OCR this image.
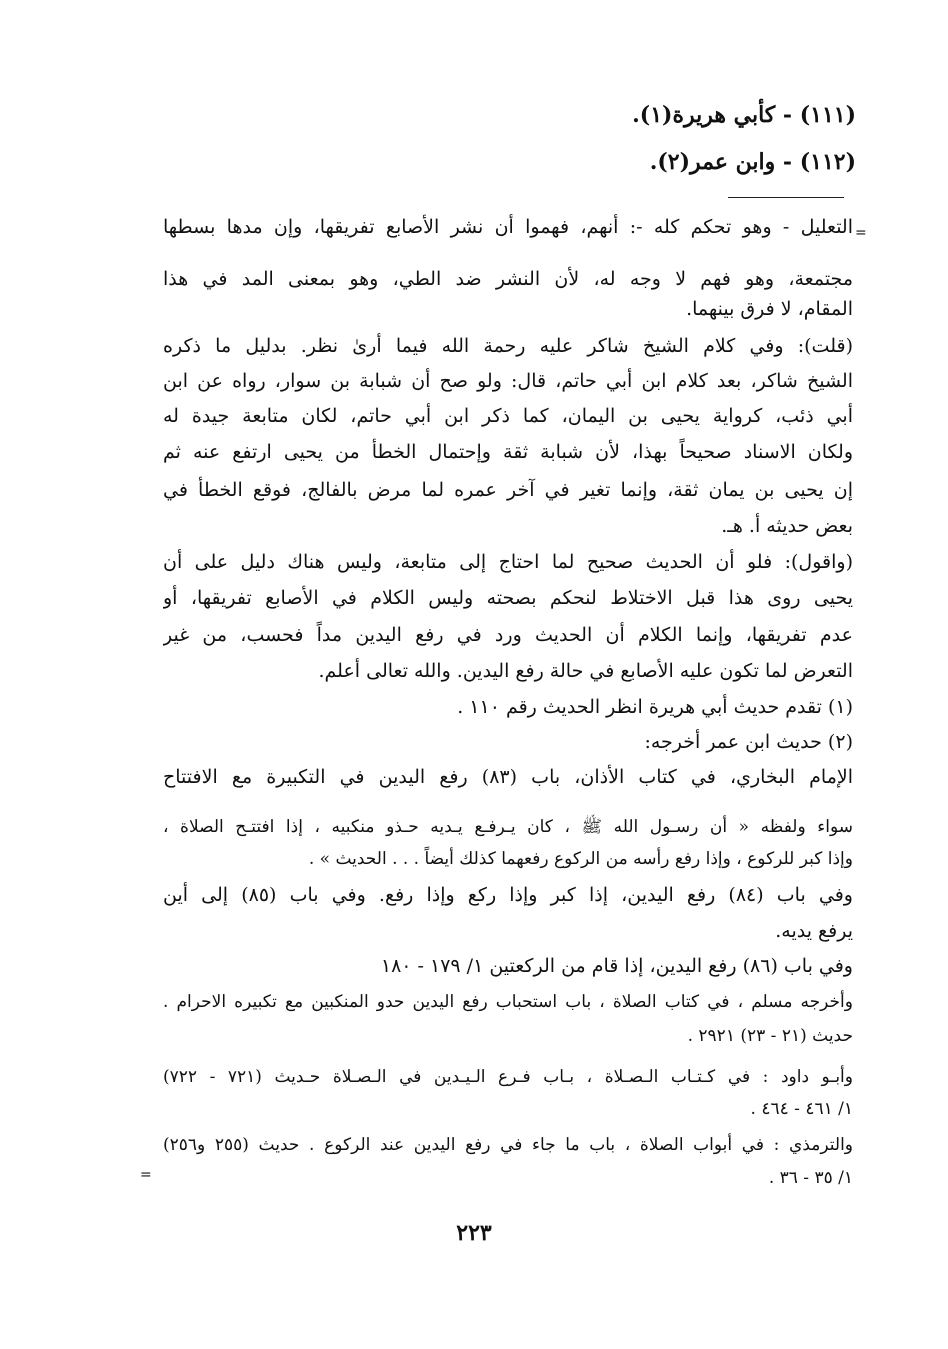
(١١١) - كأبي هريرة(١).
(١١٢) - وابن عمر(٢).
=
التعليل - وهو تحكم كله -: أنهم، فهموا أن نشر الأصابع تفريقها، وإن مدها بسطها
مجتمعة، وهو فهم لا وجه له، لأن النشر ضد الطي، وهو بمعنى المد في هذا
المقام، لا فرق بينهما.
(قلت): وفي كلام الشيخ شاكر عليه رحمة الله فيما أرىٰ نظر. بدليل ما ذكره
الشيخ شاكر، بعد كلام ابن أبي حاتم، قال: ولو صح أن شبابة بن سوار، رواه عن ابن
أبي ذئب، كرواية يحيى بن اليمان، كما ذكر ابن أبي حاتم، لكان متابعة جيدة له
ولكان الاسناد صحيحاً بهذا، لأن شبابة ثقة وإحتمال الخطأ من يحيى ارتفع عنه ثم
إن يحيى بن يمان ثقة، وإنما تغير في آخر عمره لما مرض بالفالج، فوقع الخطأ في
بعض حديثه أ. هـ.
(واقول): فلو أن الحديث صحيح لما احتاج إلى متابعة، وليس هناك دليل على أن
يحيى روى هذا قبل الاختلاط لنحكم بصحته وليس الكلام في الأصابع تفريقها، أو
عدم تفريقها، وإنما الكلام أن الحديث ورد في رفع اليدين مداً فحسب، من غير
التعرض لما تكون عليه الأصابع في حالة رفع اليدين. والله تعالى أعلم.
(١) تقدم حديث أبي هريرة انظر الحديث رقم ١١٠ .
(٢) حديث ابن عمر أخرجه:
الإمام البخاري، في كتاب الأذان، باب (٨٣) رفع اليدين في التكبيرة مع الافتتاح
سواء ولفظه « أن رسـول الله ﷺ ، كان يـرفـع يـديه حـذو منكبيه ، إذا افتتـح الصلاة ،
وإذا كبر للركوع ، وإذا رفع رأسه من الركوع رفعهما كذلك أيضاً . . . الحديث » .
وفي باب (٨٤) رفع اليدين، إذا كبر وإذا ركع وإذا رفع. وفي باب (٨٥) إلى أين
يرفع يديه.
وفي باب (٨٦) رفع اليدين، إذا قام من الركعتين ١/ ١٧٩ - ١٨٠
وأخرجه مسلم ، في كتاب الصلاة ، باب استحباب رفع اليدين حدو المنكبين مع تكبيره الاحرام .
حديث (٢١ - ٢٣) ٢٩٢١ .
وأبـو داود : في كـتـاب الـصـلاة ، بـاب فـرع الـيـدين في الـصـلاة حـديث (٧٢١ - ٧٢٢)
١/ ٤٦١ - ٤٦٤ .
والترمذي : في أبواب الصلاة ، باب ما جاء في رفع اليدين عند الركوع . حديث (٢٥٥ و٢٥٦)
١/ ٣٥ - ٣٦ .
=
٢٢٣
